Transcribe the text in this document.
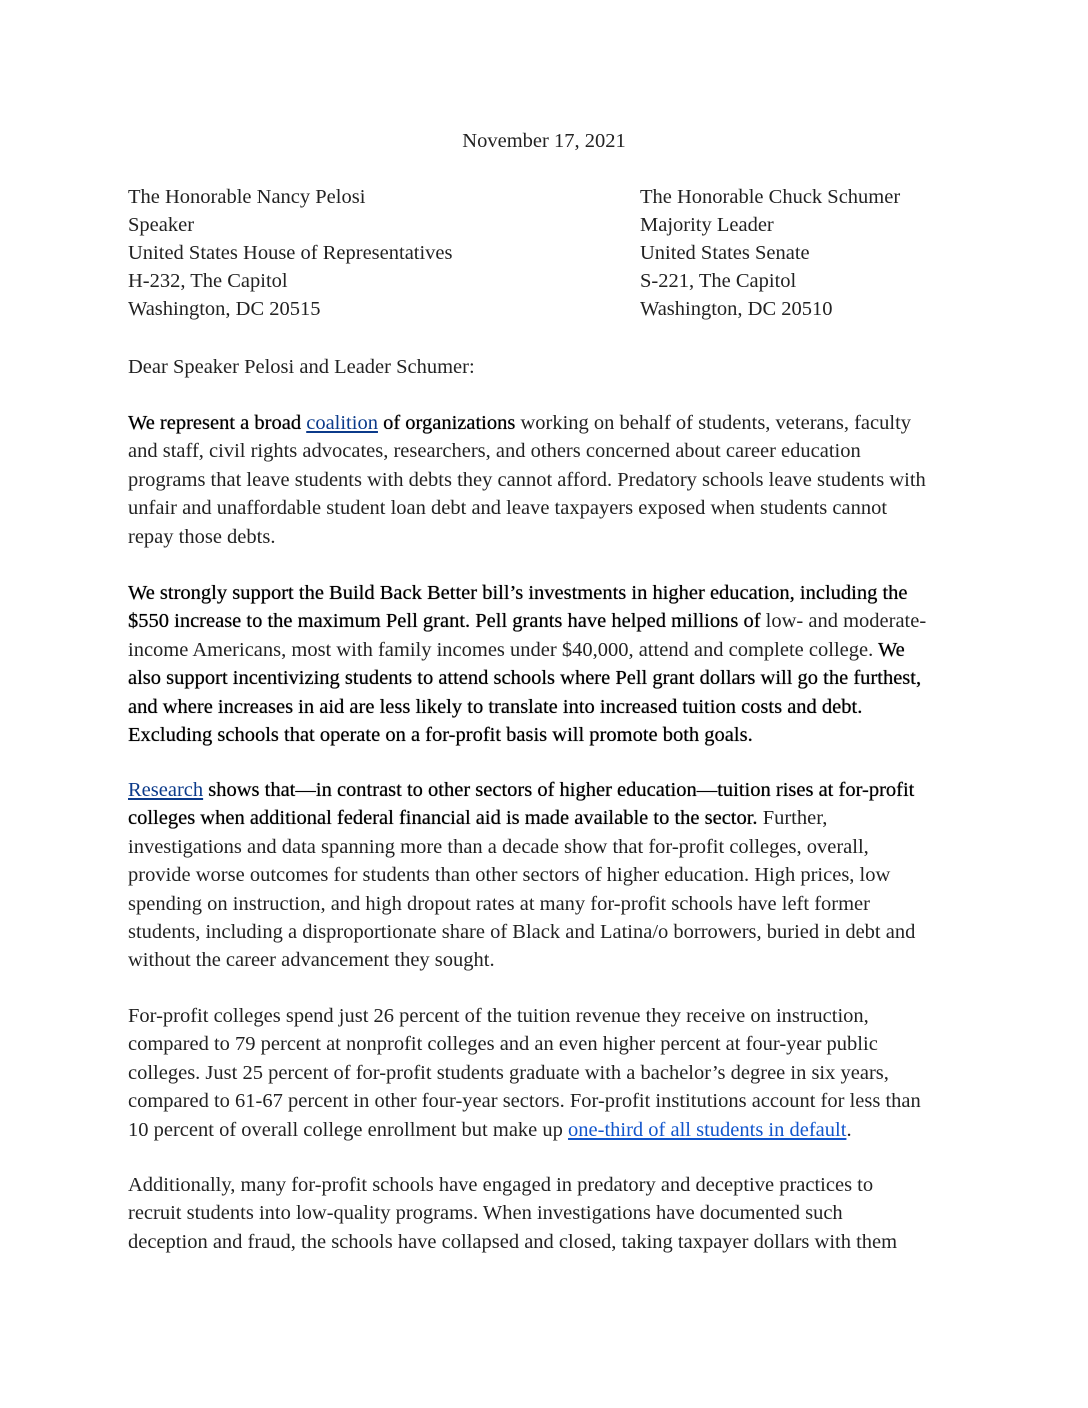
November 17, 2021
The Honorable Nancy Pelosi
Speaker
United States House of Representatives
H-232, The Capitol
Washington, DC 20515
The Honorable Chuck Schumer
Majority Leader
United States Senate
S-221, The Capitol
Washington, DC 20510
Dear Speaker Pelosi and Leader Schumer:
We represent a broad coalition of organizations working on behalf of students, veterans, faculty
and staff, civil rights advocates, researchers, and others concerned about career education
programs that leave students with debts they cannot afford. Predatory schools leave students with
unfair and unaffordable student loan debt and leave taxpayers exposed when students cannot
repay those debts.
We strongly support the Build Back Better bill’s investments in higher education, including the
$550 increase to the maximum Pell grant. Pell grants have helped millions of low- and moderate-
income Americans, most with family incomes under $40,000, attend and complete college. We
also support incentivizing students to attend schools where Pell grant dollars will go the furthest,
and where increases in aid are less likely to translate into increased tuition costs and debt.
Excluding schools that operate on a for-profit basis will promote both goals.
Research shows that—in contrast to other sectors of higher education—tuition rises at for-profit
colleges when additional federal financial aid is made available to the sector. Further,
investigations and data spanning more than a decade show that for-profit colleges, overall,
provide worse outcomes for students than other sectors of higher education. High prices, low
spending on instruction, and high dropout rates at many for-profit schools have left former
students, including a disproportionate share of Black and Latina/o borrowers, buried in debt and
without the career advancement they sought.
For-profit colleges spend just 26 percent of the tuition revenue they receive on instruction,
compared to 79 percent at nonprofit colleges and an even higher percent at four-year public
colleges. Just 25 percent of for-profit students graduate with a bachelor’s degree in six years,
compared to 61-67 percent in other four-year sectors. For-profit institutions account for less than
10 percent of overall college enrollment but make up one-third of all students in default.
Additionally, many for-profit schools have engaged in predatory and deceptive practices to
recruit students into low-quality programs. When investigations have documented such
deception and fraud, the schools have collapsed and closed, taking taxpayer dollars with them
